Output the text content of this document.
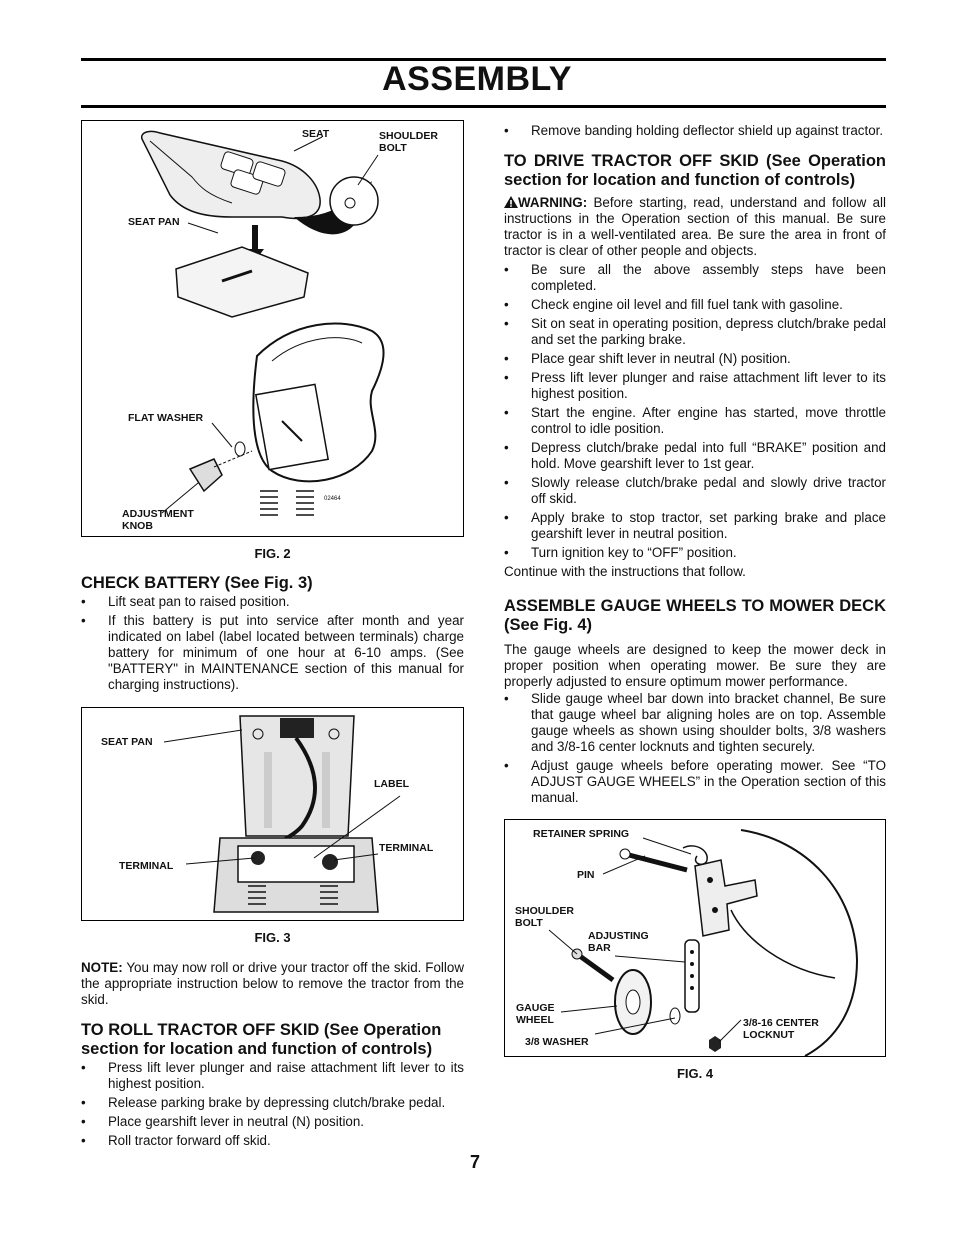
ASSEMBLY
SEAT	SHOULDER
BOLT
SEAT PAN
FLAT WASHER
ADJUSTMENT
KNOB
02464
FIG. 2
CHECK BATTERY (See Fig. 3)
• Lift seat pan to raised position.
• If this battery is put into service after month and year indicated on label (label located between terminals) charge battery for minimum of one hour at 6-10 amps. (See "BATTERY" in MAINTENANCE section of this manual for charging instructions).
SEAT PAN
LABEL
TERMINAL
TERMINAL
FIG. 3

NOTE: You may now roll or drive your tractor off the skid. Follow the appropriate instruction below to remove the tractor from the skid.

TO ROLL TRACTOR OFF SKID (See Operation section for location and function of controls)
• Press lift lever plunger and raise attachment lift lever to its highest position.
• Release parking brake by depressing clutch/brake pedal.
• Place gearshift lever in neutral (N) position.
• Roll tractor forward off skid.
• Remove banding holding deflector shield up against tractor.
TO DRIVE TRACTOR OFF SKID (See Operation section for location and function of controls)

WARNING: Before starting, read, understand and follow all instructions in the Operation section of this manual. Be sure tractor is in a well-ventilated area. Be sure the area in front of tractor is clear of other people and objects.

• Be sure all the above assembly steps have been completed.
• Check engine oil level and fill fuel tank with gasoline.
• Sit on seat in operating position, depress clutch/brake pedal and set the parking brake.
• Place gear shift lever in neutral (N) position.
• Press lift lever plunger and raise attachment lift lever to its highest position.
• Start the engine. After engine has started, move throttle control to idle position.
• Depress clutch/brake pedal into full “BRAKE” position and hold. Move gearshift lever to 1st gear.
• Slowly release clutch/brake pedal and slowly drive tractor off skid.
• Apply brake to stop tractor, set parking brake and place gearshift lever in neutral position.
• Turn ignition key to “OFF” position.

Continue with the instructions that follow.

ASSEMBLE GAUGE WHEELS TO MOWER DECK (See Fig. 4)

The gauge wheels are designed to keep the mower deck in proper position when operating mower. Be sure they are properly adjusted to ensure optimum mower performance.

• Slide gauge wheel bar down into bracket channel, Be sure that gauge wheel bar aligning holes are on top. Assemble gauge wheels as shown using shoulder bolts, 3/8 washers and 3/8-16 center locknuts and tighten securely.
• Adjust gauge wheels before operating mower. See “TO ADJUST GAUGE WHEELS” in the Operation section of this manual.
RETAINER SPRING
PIN
SHOULDER
BOLT
ADJUSTING
BAR
GAUGE
WHEEL
3/8 WASHER
3/8-16 CENTER
LOCKNUT
FIG. 4
7
